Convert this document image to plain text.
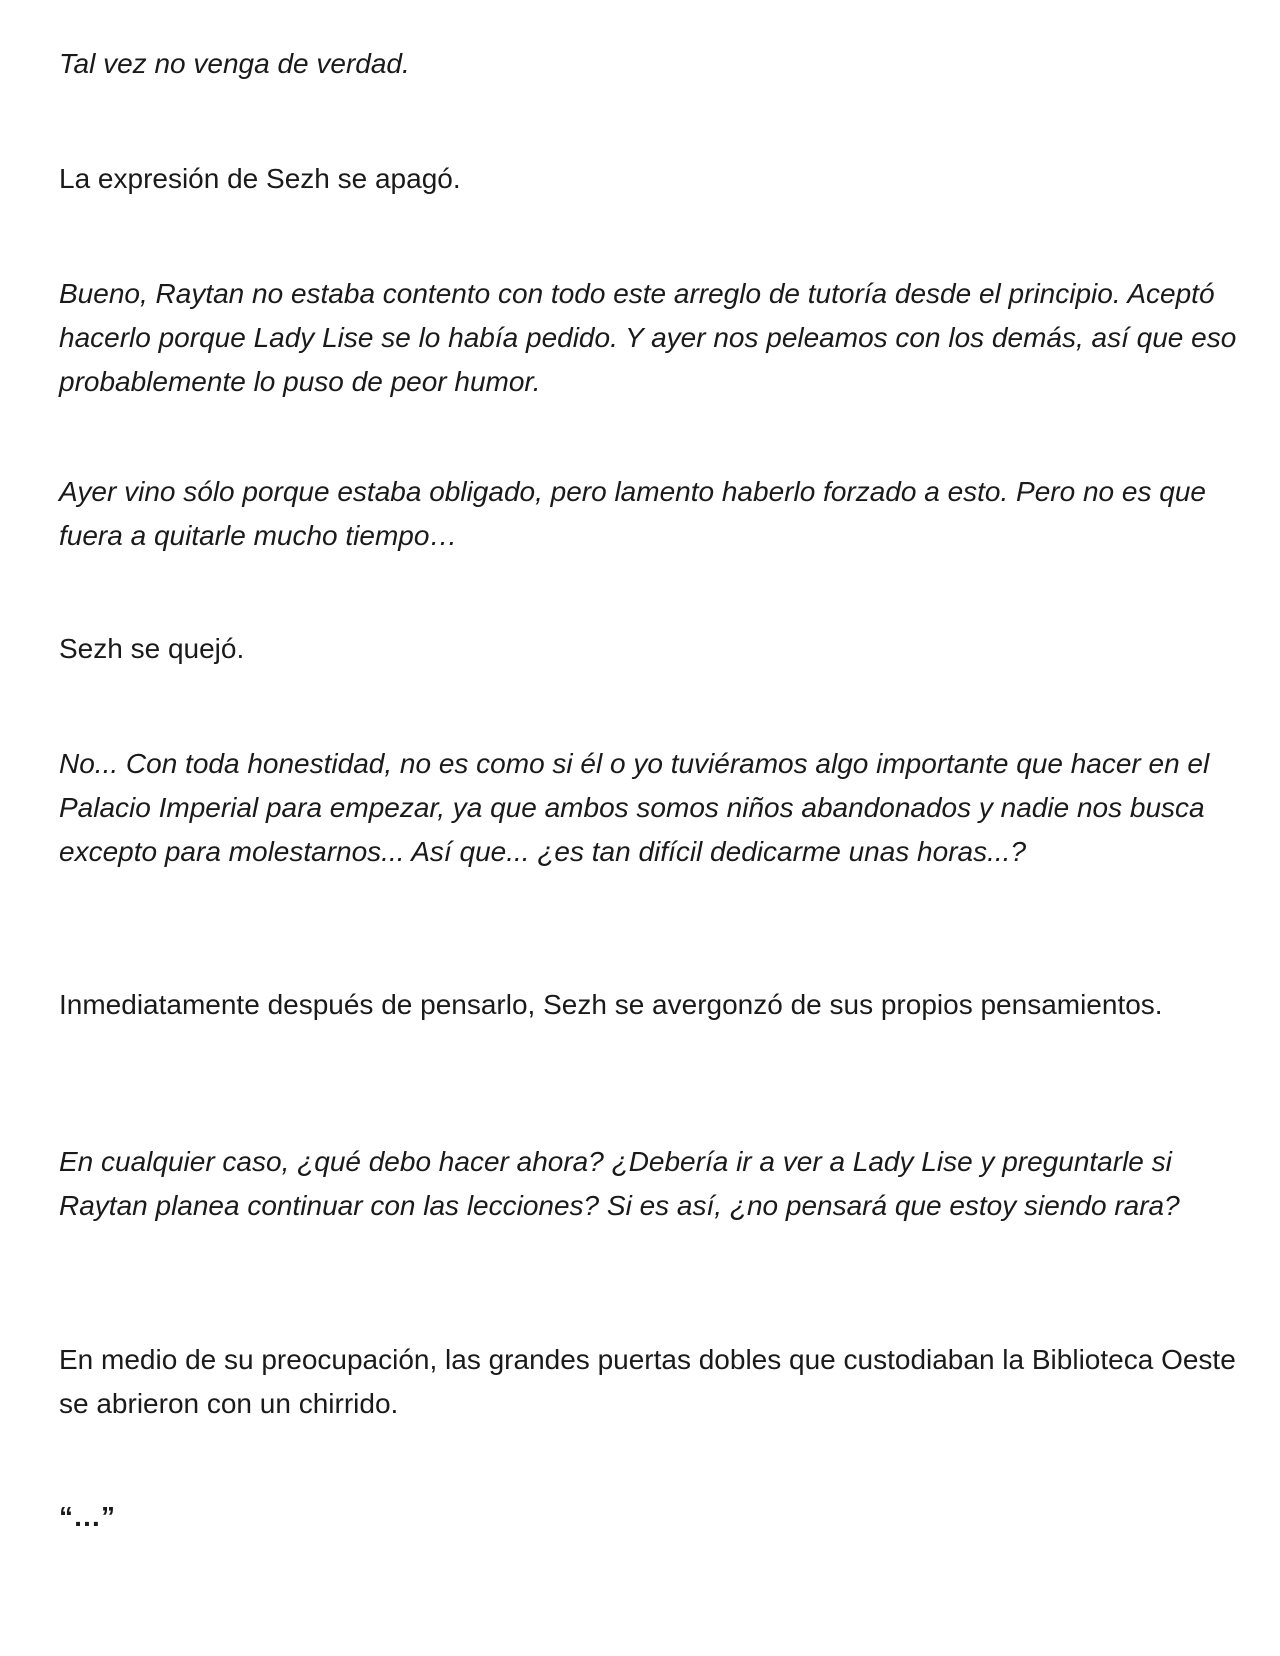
Tal vez no venga de verdad.

La expresión de Sezh se apagó.

Bueno, Raytan no estaba contento con todo este arreglo de tutoría desde el principio. Aceptó hacerlo porque Lady Lise se lo había pedido. Y ayer nos peleamos con los demás, así que eso probablemente lo puso de peor humor.

Ayer vino sólo porque estaba obligado, pero lamento haberlo forzado a esto. Pero no es que fuera a quitarle mucho tiempo…

Sezh se quejó.

No... Con toda honestidad, no es como si él o yo tuviéramos algo importante que hacer en el Palacio Imperial para empezar, ya que ambos somos niños abandonados y nadie nos busca excepto para molestarnos... Así que... ¿es tan difícil dedicarme unas horas...?

Inmediatamente después de pensarlo, Sezh se avergonzó de sus propios pensamientos.

En cualquier caso, ¿qué debo hacer ahora? ¿Debería ir a ver a Lady Lise y preguntarle si Raytan planea continuar con las lecciones? Si es así, ¿no pensará que estoy siendo rara?

En medio de su preocupación, las grandes puertas dobles que custodiaban la Biblioteca Oeste se abrieron con un chirrido.

“…”
